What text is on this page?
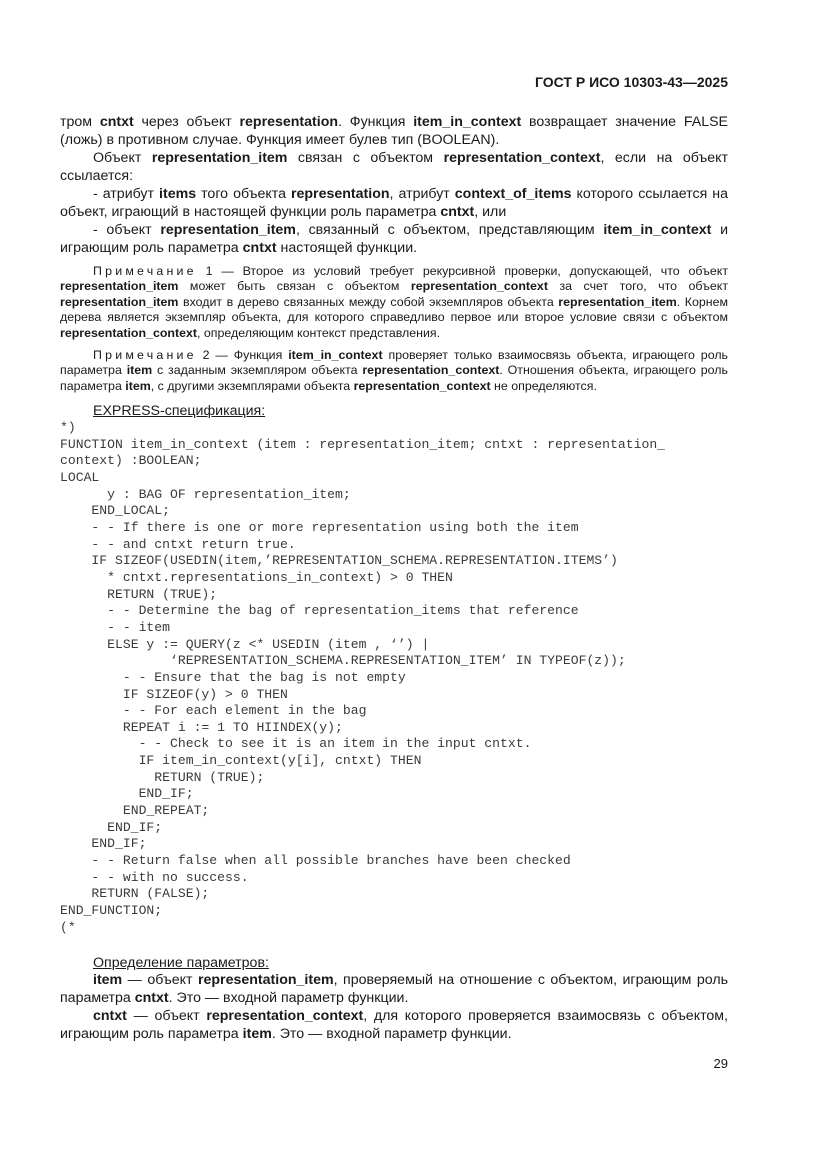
ГОСТ Р ИСО 10303-43—2025

тром cntxt через объект representation. Функция item_in_context возвращает значение FALSE (ложь) в противном случае. Функция имеет булев тип (BOOLEAN).

Объект representation_item связан с объектом representation_context, если на объект ссылается:

- атрибут items того объекта representation, атрибут context_of_items которого ссылается на объект, играющий в настоящей функции роль параметра cntxt, или

- объект representation_item, связанный с объектом, представляющим item_in_context и играющим роль параметра cntxt настоящей функции.

Примечание 1 — Второе из условий требует рекурсивной проверки, допускающей, что объект representation_item может быть связан с объектом representation_context за счет того, что объект representation_item входит в дерево связанных между собой экземпляров объекта representation_item. Корнем дерева является экземпляр объекта, для которого справедливо первое или второе условие связи с объектом representation_context, определяющим контекст представления.

Примечание 2 — Функция item_in_context проверяет только взаимосвязь объекта, играющего роль параметра item с заданным экземпляром объекта representation_context. Отношения объекта, играющего роль параметра item, с другими экземплярами объекта representation_context не определяются.

EXPRESS-спецификация:
*)
FUNCTION item_in_context (item : representation_item; cntxt : representation_
context) :BOOLEAN;
LOCAL
y : BAG OF representation_item;
END_LOCAL;
- - If there is one or more representation using both the item
- - and cntxt return true.
IF SIZEOF(USEDIN(item,’REPRESENTATION_SCHEMA.REPRESENTATION.ITEMS’)
* cntxt.representations_in_context) > 0 THEN
RETURN (TRUE);
- - Determine the bag of representation_items that reference
- - item
ELSE y := QUERY(z <* USEDIN (item , ‘’) |
‘REPRESENTATION_SCHEMA.REPRESENTATION_ITEM’ IN TYPEOF(z));
- - Ensure that the bag is not empty
IF SIZEOF(y) > 0 THEN
- - For each element in the bag
REPEAT i := 1 TO HIINDEX(y);
- - Check to see it is an item in the input cntxt.
IF item_in_context(y[i], cntxt) THEN
RETURN (TRUE);
END_IF;
END_REPEAT;
END_IF;
END_IF;
- - Return false when all possible branches have been checked
- - with no success.
RETURN (FALSE);
END_FUNCTION;
(*
Определение параметров:

item — объект representation_item, проверяемый на отношение с объектом, играющим роль параметра cntxt. Это — входной параметр функции.

cntxt — объект representation_context, для которого проверяется взаимосвязь с объектом, играющим роль параметра item. Это — входной параметр функции.

29
